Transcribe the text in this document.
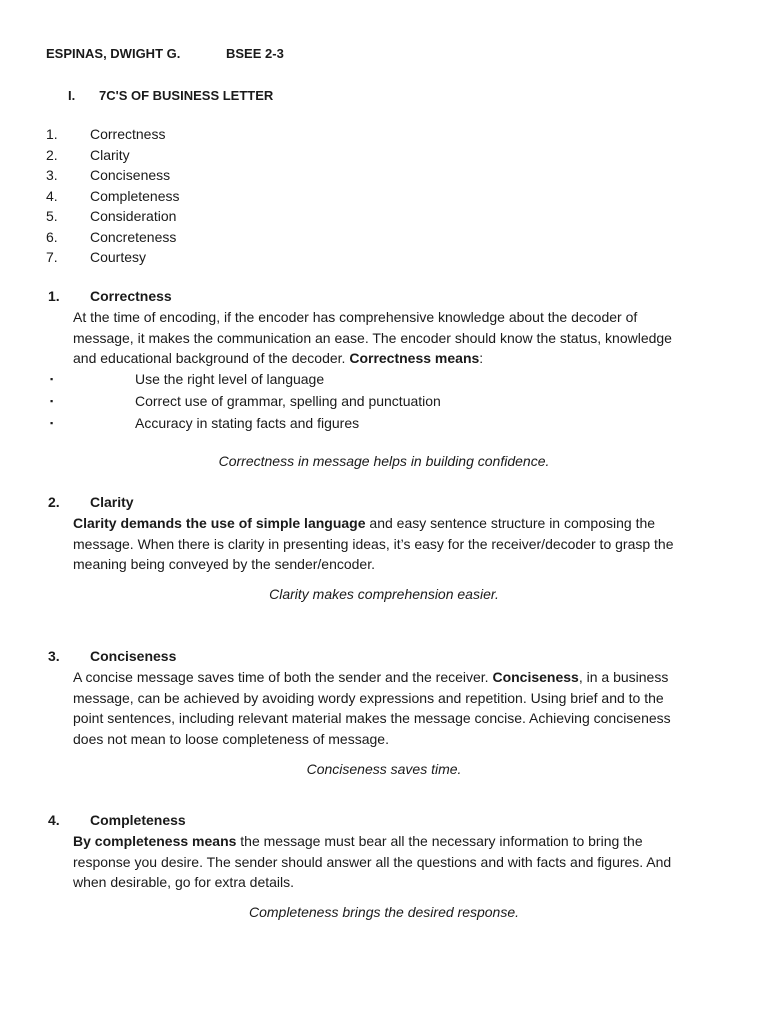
ESPINAS, DWIGHT G.	BSEE 2-3
I. 7C'S OF BUSINESS LETTER
1.	Correctness
2.	Clarity
3.	Conciseness
4.	Completeness
5.	Consideration
6.	Concreteness
7.	Courtesy
1. Correctness

At the time of encoding, if the encoder has comprehensive knowledge about the decoder of

message, it makes the communication an ease. The encoder should know the status, knowledge

and educational background of the decoder. Correctness means:

▪	Use the right level of language
▪	Correct use of grammar, spelling and punctuation
▪	Accuracy in stating facts and figures
Correctness in message helps in building confidence.
2. Clarity

Clarity demands the use of simple language and easy sentence structure in composing the

message. When there is clarity in presenting ideas, it’s easy for the receiver/decoder to grasp the

meaning being conveyed by the sender/encoder.

Clarity makes comprehension easier.
3. Conciseness

A concise message saves time of both the sender and the receiver. Conciseness, in a business

message, can be achieved by avoiding wordy expressions and repetition. Using brief and to the

point sentences, including relevant material makes the message concise. Achieving conciseness

does not mean to loose completeness of message.

Conciseness saves time.
4. Completeness

By completeness means the message must bear all the necessary information to bring the

response you desire. The sender should answer all the questions and with facts and figures. And

when desirable, go for extra details.

Completeness brings the desired response.
